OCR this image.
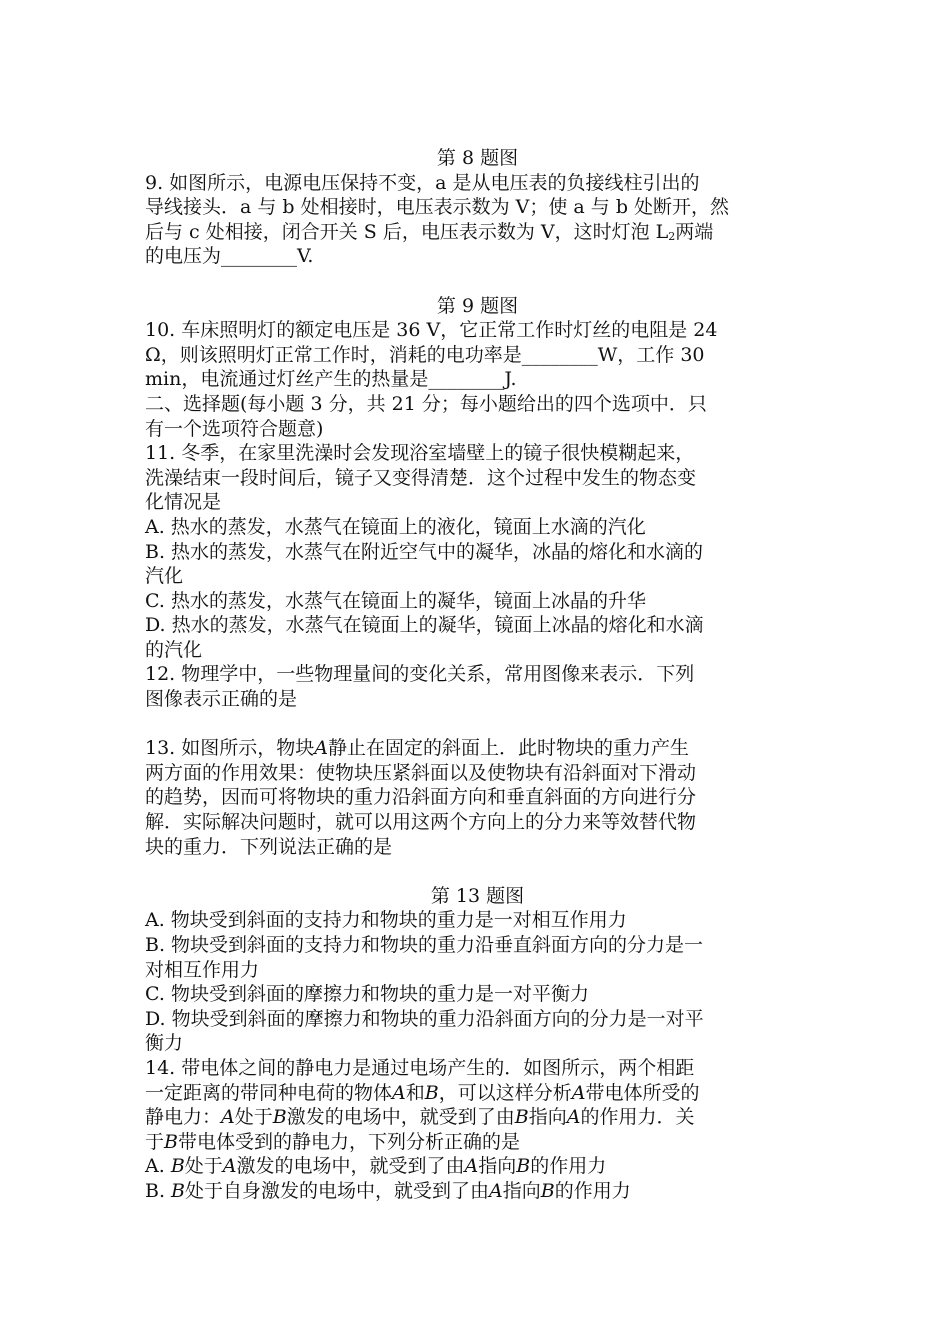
第 8 题图
9. 如图所示，电源电压保持不变，a 是从电压表的负接线柱引出的
导线接头．a 与 b 处相接时，电压表示数为 V；使 a 与 b 处断开，然
后与 c 处相接，闭合开关 S 后，电压表示数为 V，这时灯泡 $L_2$两端
的电压为________V.
第 9 题图
10. 车床照明灯的额定电压是 36 V，它正常工作时灯丝的电阻是 24
Ω，则该照明灯正常工作时，消耗的电功率是________W，工作 30
min，电流通过灯丝产生的热量是________J.
二、选择题(每小题 3 分，共 21 分；每小题给出的四个选项中．只
有一个选项符合题意)
11. 冬季，在家里洗澡时会发现浴室墙壁上的镜子很快模糊起来，
洗澡结束一段时间后，镜子又变得清楚．这个过程中发生的物态变
化情况是
A. 热水的蒸发，水蒸气在镜面上的液化，镜面上水滴的汽化
B. 热水的蒸发，水蒸气在附近空气中的凝华，冰晶的熔化和水滴的
汽化
C. 热水的蒸发，水蒸气在镜面上的凝华，镜面上冰晶的升华
D. 热水的蒸发，水蒸气在镜面上的凝华，镜面上冰晶的熔化和水滴
的汽化
12. 物理学中，一些物理量间的变化关系，常用图像来表示．下列
图像表示正确的是
13. 如图所示，物块A静止在固定的斜面上．此时物块的重力产生
两方面的作用效果：使物块压紧斜面以及使物块有沿斜面对下滑动
的趋势，因而可将物块的重力沿斜面方向和垂直斜面的方向进行分
解．实际解决问题时，就可以用这两个方向上的分力来等效替代物
块的重力．下列说法正确的是
第 13 题图
A. 物块受到斜面的支持力和物块的重力是一对相互作用力
B. 物块受到斜面的支持力和物块的重力沿垂直斜面方向的分力是一
对相互作用力
C. 物块受到斜面的摩擦力和物块的重力是一对平衡力
D. 物块受到斜面的摩擦力和物块的重力沿斜面方向的分力是一对平
衡力
14. 带电体之间的静电力是通过电场产生的．如图所示，两个相距
一定距离的带同种电荷的物体A和B，可以这样分析A带电体所受的
静电力：A处于B激发的电场中，就受到了由B指向A的作用力．关
于B带电体受到的静电力，下列分析正确的是
A. B处于A激发的电场中，就受到了由A指向B的作用力
B. B处于自身激发的电场中，就受到了由A指向B的作用力
